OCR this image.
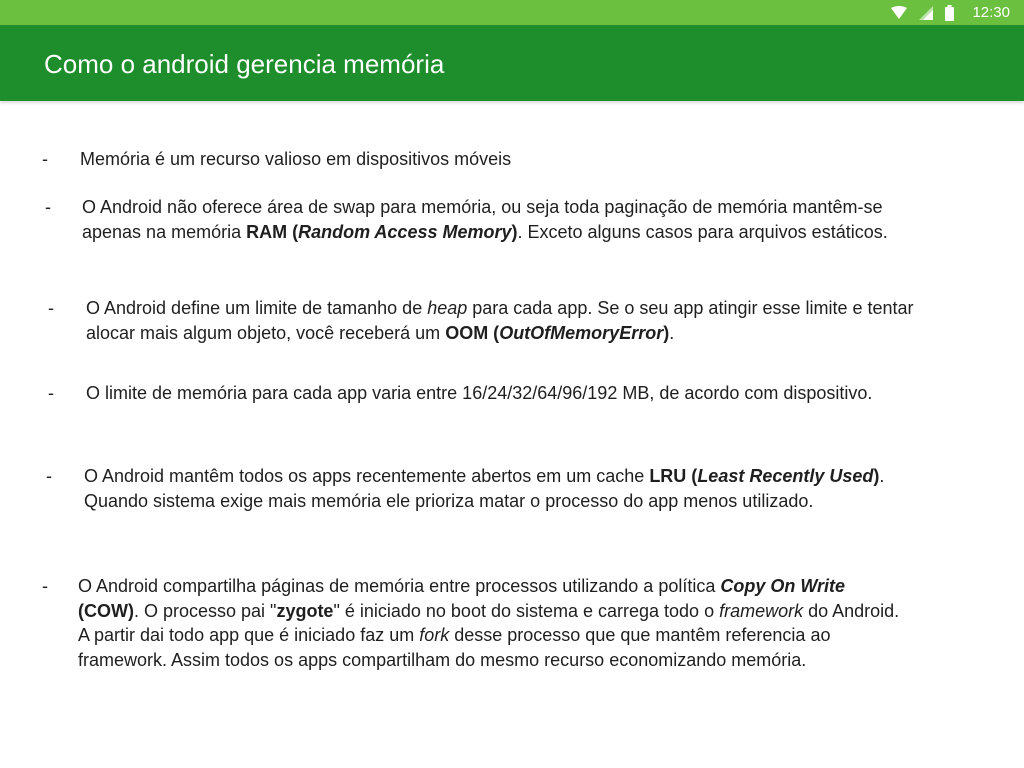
12:30
Como o android gerencia memória
- Memória é um recurso valioso em dispositivos móveis
- O Android não oferece área de swap para memória, ou seja toda paginação de memória mantêm-se apenas na memória RAM (Random Access Memory). Exceto alguns casos para arquivos estáticos.
- O Android define um limite de tamanho de heap para cada app. Se o seu app atingir esse limite e tentar alocar mais algum objeto, você receberá um OOM (OutOfMemoryError).
- O limite de memória para cada app varia entre 16/24/32/64/96/192 MB, de acordo com dispositivo.
- O Android mantêm todos os apps recentemente abertos em um cache LRU (Least Recently Used). Quando sistema exige mais memória ele prioriza matar o processo do app menos utilizado.
- O Android compartilha páginas de memória entre processos utilizando a política Copy On Write (COW). O processo pai "zygote" é iniciado no boot do sistema e carrega todo o framework do Android. A partir dai todo app que é iniciado faz um fork desse processo que que mantêm referencia ao framework. Assim todos os apps compartilham do mesmo recurso economizando memória.
